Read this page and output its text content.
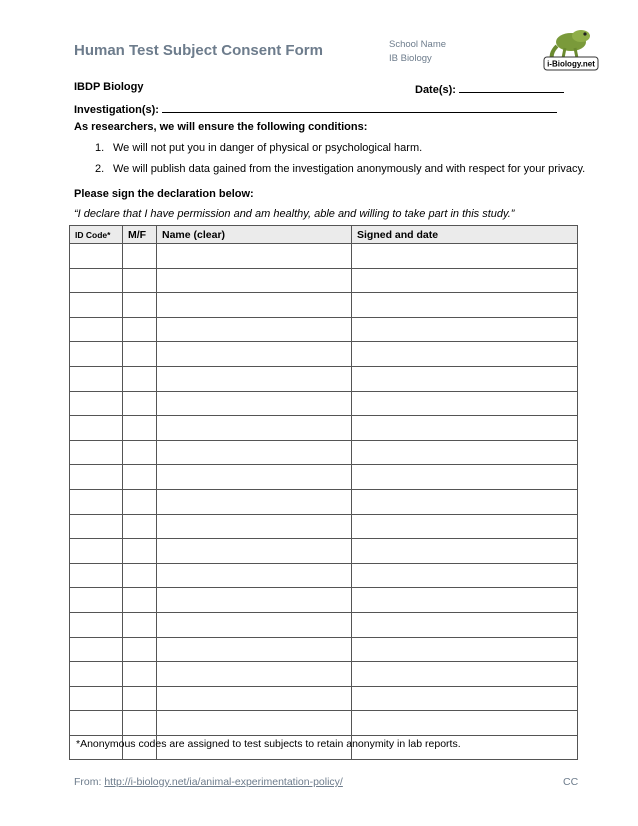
Human Test Subject Consent Form	School Name
IB Biology	i-Biology.net
IBDP Biology	Date(s):
Investigation(s):
As researchers, we will ensure the following conditions:
1. We will not put you in danger of physical or psychological harm.
2. We will publish data gained from the investigation anonymously and with respect for your privacy.
Please sign the declaration below:
“I declare that I have permission and am healthy, able and willing to take part in this study.”
ID Code*	M/F	Name (clear)	Signed and date

*Anonymous codes are assigned to test subjects to retain anonymity in lab reports.
From: http://i-biology.net/ia/animal-experimentation-policy/	CC
